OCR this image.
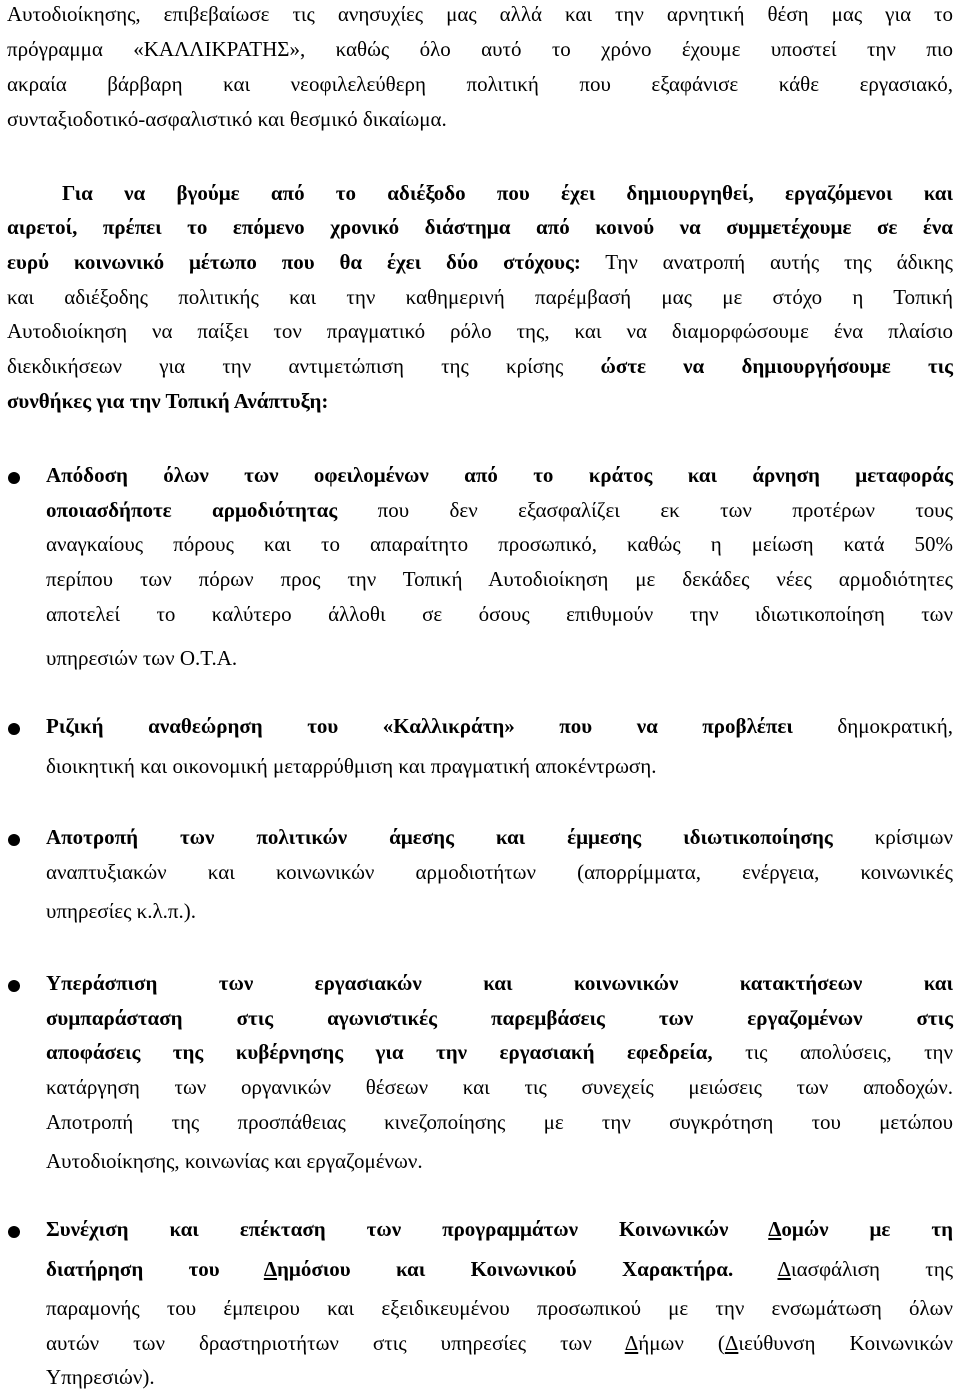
Αυτοδιοίκησης, επιβεβαίωσε τις ανησυχίες μας αλλά και την αρνητική θέση μας για το
πρόγραμμα «ΚΑΛΛΙΚΡΑΤΗΣ», καθώς όλο αυτό το χρόνο έχουμε υποστεί την πιο
ακραία βάρβαρη και νεοφιλελεύθερη πολιτική που εξαφάνισε κάθε εργασιακό,
συνταξιοδοτικό-ασφαλιστικό και θεσμικό δικαίωμα.
Για να βγούμε από το αδιέξοδο που έχει δημιουργηθεί, εργαζόμενοι και
αιρετοί, πρέπει το επόμενο χρονικό διάστημα από κοινού να συμμετέχουμε σε ένα
ευρύ κοινωνικό μέτωπο που θα έχει δύο στόχους: Την ανατροπή αυτής της άδικης
και αδιέξοδης πολιτικής και την καθημερινή παρέμβασή μας με στόχο η Τοπική
Αυτοδιοίκηση να παίξει τον πραγματικό ρόλο της, και να διαμορφώσουμε ένα πλαίσιο
διεκδικήσεων για την αντιμετώπιση της κρίσης ώστε να δημιουργήσουμε τις
συνθήκες για την Τοπική Ανάπτυξη:
Απόδοση όλων των οφειλομένων από το κράτος και άρνηση μεταφοράς
οποιασδήποτε αρμοδιότητας που δεν εξασφαλίζει εκ των προτέρων τους
αναγκαίους πόρους και το απαραίτητο προσωπικό, καθώς η μείωση κατά 50%
περίπου των πόρων προς την Τοπική Αυτοδιοίκηση με δεκάδες νέες αρμοδιότητες
αποτελεί το καλύτερο άλλοθι σε όσους επιθυμούν την ιδιωτικοποίηση των
υπηρεσιών των Ο.Τ.Α.
Ριζική αναθεώρηση του «Καλλικράτη» που να προβλέπει δημοκρατική,
διοικητική και οικονομική μεταρρύθμιση και πραγματική αποκέντρωση.
Αποτροπή των πολιτικών άμεσης και έμμεσης ιδιωτικοποίησης κρίσιμων
αναπτυξιακών και κοινωνικών αρμοδιοτήτων (απορρίμματα, ενέργεια, κοινωνικές
υπηρεσίες κ.λ.π.).
Υπεράσπιση των εργασιακών και κοινωνικών κατακτήσεων και
συμπαράσταση στις αγωνιστικές παρεμβάσεις των εργαζομένων στις
αποφάσεις της κυβέρνησης για την εργασιακή εφεδρεία, τις απολύσεις, την
κατάργηση των οργανικών θέσεων και τις συνεχείς μειώσεις των αποδοχών.
Αποτροπή της προσπάθειας κινεζοποίησης με την συγκρότηση του μετώπου
Αυτοδιοίκησης, κοινωνίας και εργαζομένων.
Συνέχιση και επέκταση των προγραμμάτων Κοινωνικών Δομών με τη
διατήρηση του Δημόσιου και Κοινωνικού Χαρακτήρα. Διασφάλιση της
παραμονής του έμπειρου και εξειδικευμένου προσωπικού με την ενσωμάτωση όλων
αυτών των δραστηριοτήτων στις υπηρεσίες των Δήμων (Διεύθυνση Κοινωνικών
Υπηρεσιών).
